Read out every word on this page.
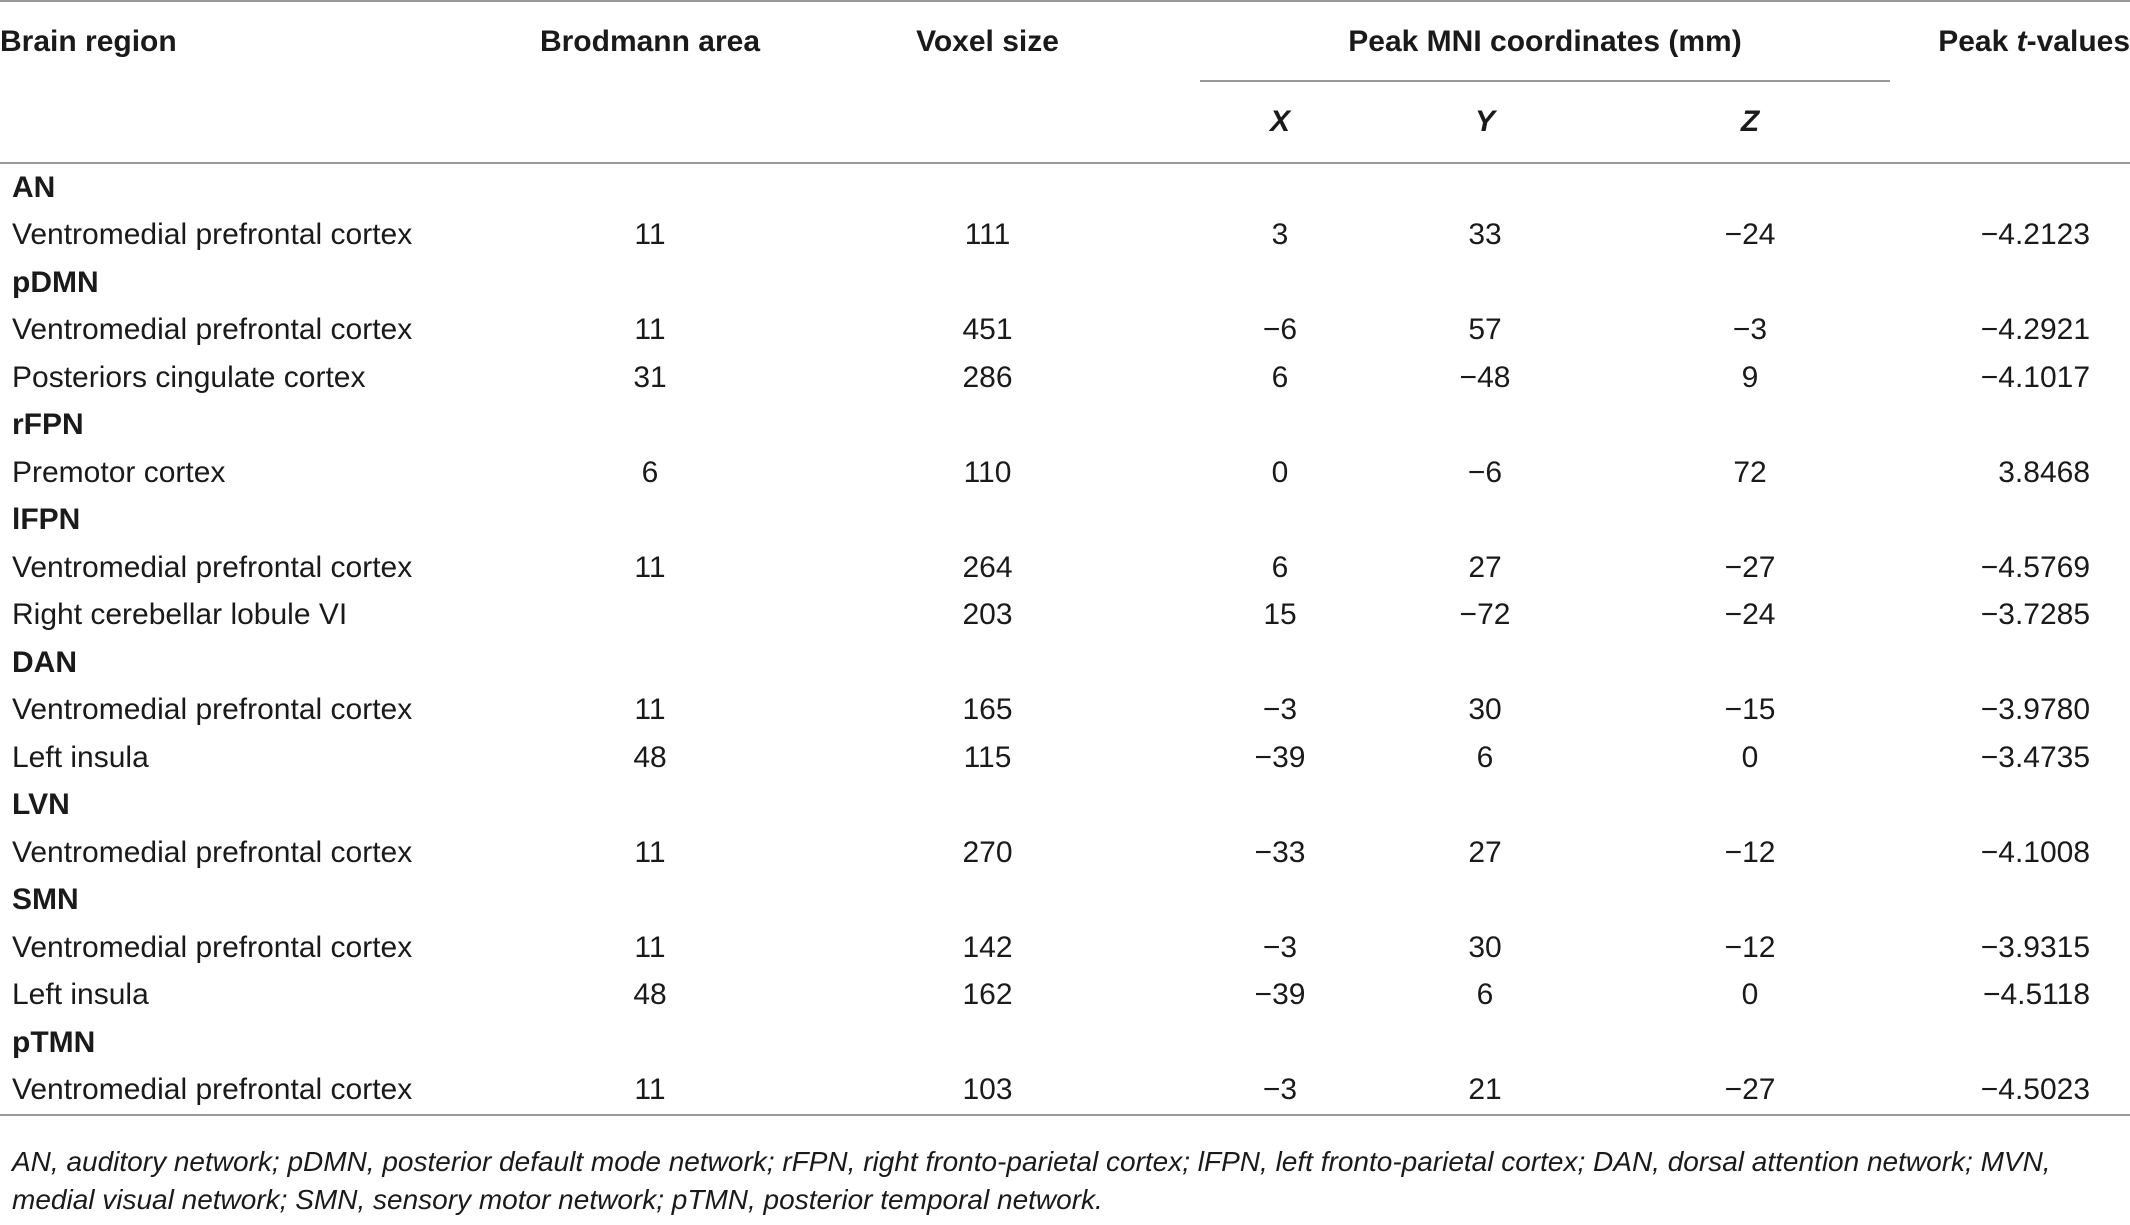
Brain region	Brodmann area	Voxel size	Peak MNI coordinates (mm)			Peak t-values
			X	Y	Z	
AN						
Ventromedial prefrontal cortex	11	111	3	33	−24	−4.2123
pDMN						
Ventromedial prefrontal cortex	11	451	−6	57	−3	−4.2921
Posteriors cingulate cortex	31	286	6	−48	9	−4.1017
rFPN						
Premotor cortex	6	110	0	−6	72	3.8468
lFPN						
Ventromedial prefrontal cortex	11	264	6	27	−27	−4.5769
Right cerebellar lobule VI		203	15	−72	−24	−3.7285
DAN						
Ventromedial prefrontal cortex	11	165	−3	30	−15	−3.9780
Left insula	48	115	−39	6	0	−3.4735
LVN						
Ventromedial prefrontal cortex	11	270	−33	27	−12	−4.1008
SMN						
Ventromedial prefrontal cortex	11	142	−3	30	−12	−3.9315
Left insula	48	162	−39	6	0	−4.5118
pTMN						
Ventromedial prefrontal cortex	11	103	−3	21	−27	−4.5023
AN, auditory network; pDMN, posterior default mode network; rFPN, right fronto-parietal cortex; lFPN, left fronto-parietal cortex; DAN, dorsal attention network; MVN, medial visual network; SMN, sensory motor network; pTMN, posterior temporal network.
